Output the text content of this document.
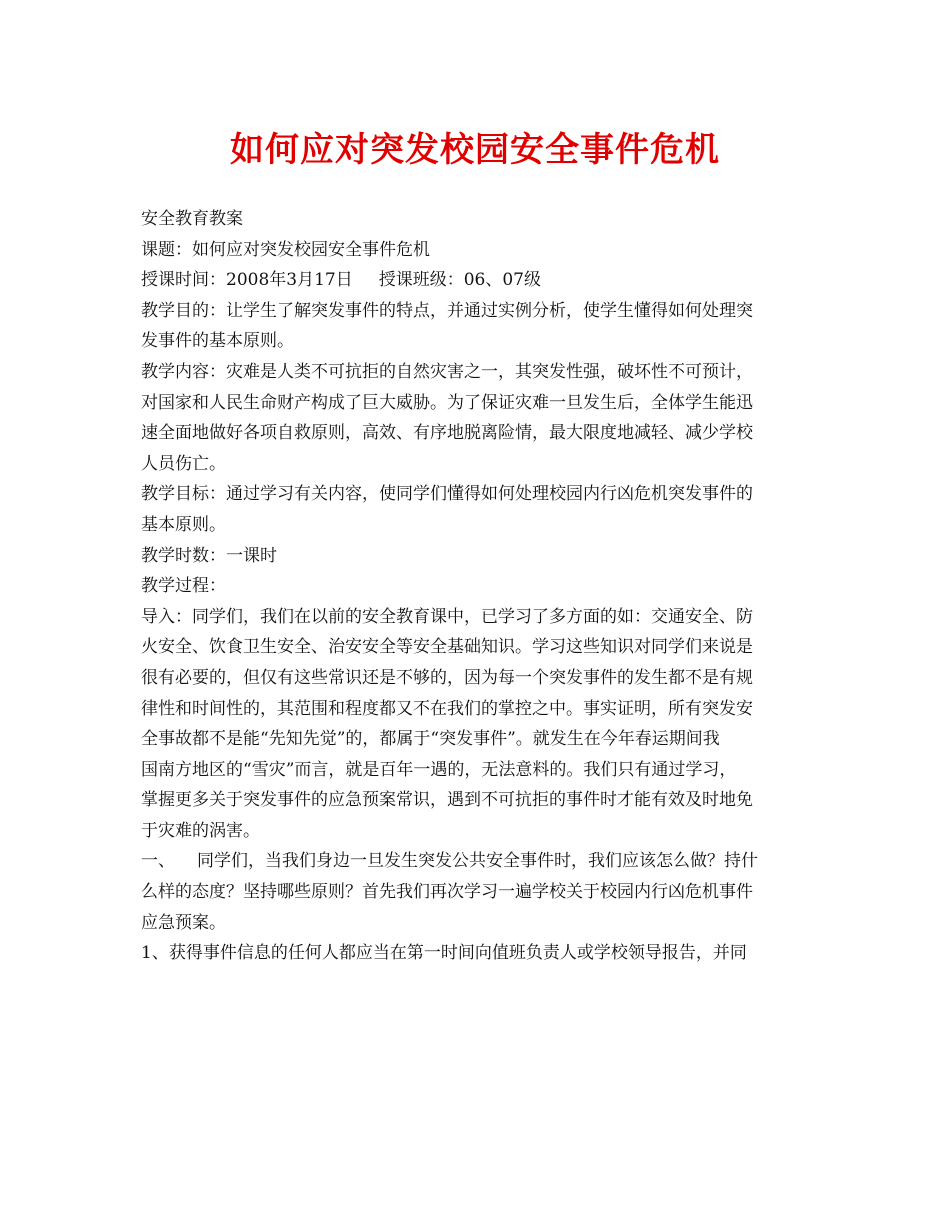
如何应对突发校园安全事件危机
安全教育教案
课题：如何应对突发校园安全事件危机
授课时间：2008年3月17日 授课班级：06、07级
教学目的：让学生了解突发事件的特点，并通过实例分析，使学生懂得如何处理突
发事件的基本原则。
教学内容：灾难是人类不可抗拒的自然灾害之一，其突发性强，破坏性不可预计，
对国家和人民生命财产构成了巨大威胁。为了保证灾难一旦发生后，全体学生能迅
速全面地做好各项自救原则，高效、有序地脱离险情，最大限度地减轻、减少学校
人员伤亡。
教学目标：通过学习有关内容，使同学们懂得如何处理校园内行凶危机突发事件的
基本原则。
教学时数：一课时
教学过程：
导入：同学们，我们在以前的安全教育课中，已学习了多方面的如：交通安全、防
火安全、饮食卫生安全、治安安全等安全基础知识。学习这些知识对同学们来说是
很有必要的，但仅有这些常识还是不够的，因为每一个突发事件的发生都不是有规
律性和时间性的，其范围和程度都又不在我们的掌控之中。事实证明，所有突发安
全事故都不是能“先知先觉”的，都属于“突发事件”。就发生在今年春运期间我
国南方地区的“雪灾”而言，就是百年一遇的，无法意料的。我们只有通过学习，
掌握更多关于突发事件的应急预案常识，遇到不可抗拒的事件时才能有效及时地免
于灾难的涡害。
一、 同学们，当我们身边一旦发生突发公共安全事件时，我们应该怎么做？持什
么样的态度？坚持哪些原则？首先我们再次学习一遍学校关于校园内行凶危机事件
应急预案。
1、获得事件信息的任何人都应当在第一时间向值班负责人或学校领导报告，并同
